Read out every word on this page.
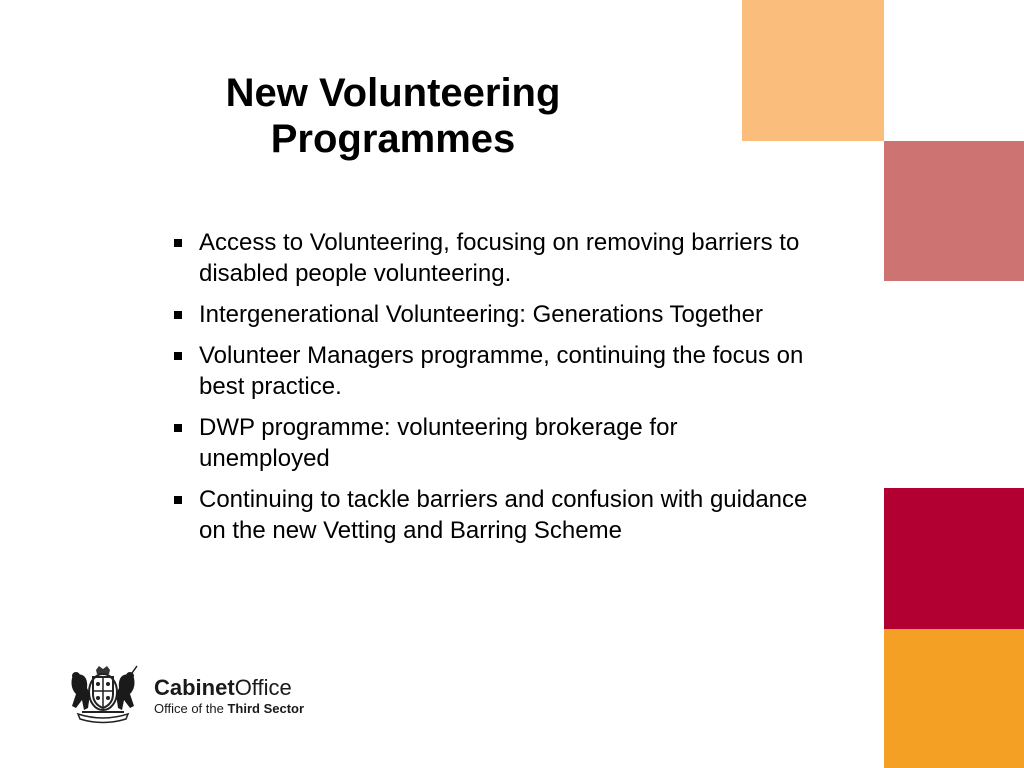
New Volunteering
Programmes
Access to Volunteering, focusing on removing barriers to disabled people volunteering.
Intergenerational Volunteering: Generations Together
Volunteer Managers programme, continuing the focus on best practice.
DWP programme: volunteering brokerage for unemployed
Continuing to tackle barriers and confusion with guidance on the new Vetting and Barring Scheme
CabinetOffice
Office of the Third Sector
